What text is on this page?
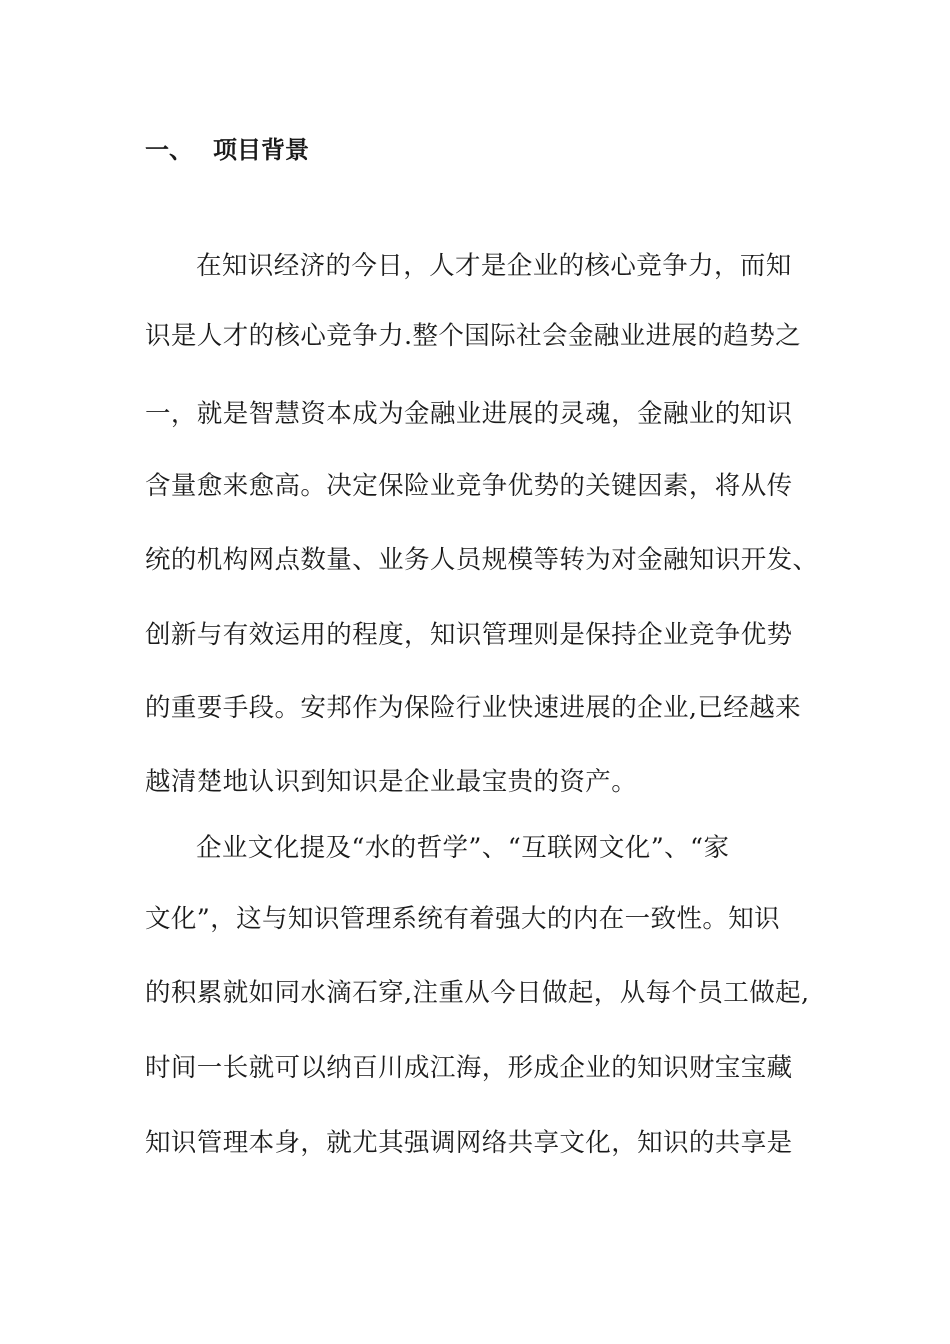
一、 项目背景
在知识经济的今日，人才是企业的核心竞争力，而知
识是人才的核心竞争力.整个国际社会金融业进展的趋势之
一，就是智慧资本成为金融业进展的灵魂，金融业的知识
含量愈来愈高。决定保险业竞争优势的关键因素，将从传
统的机构网点数量、业务人员规模等转为对金融知识开发、
创新与有效运用的程度，知识管理则是保持企业竞争优势
的重要手段。安邦作为保险行业快速进展的企业,已经越来
越清楚地认识到知识是企业最宝贵的资产。
企业文化提及“水的哲学”、“互联网文化”、“家
文化”，这与知识管理系统有着强大的内在一致性。知识
的积累就如同水滴石穿,注重从今日做起，从每个员工做起,
时间一长就可以纳百川成江海，形成企业的知识财宝宝藏
知识管理本身，就尤其强调网络共享文化，知识的共享是
